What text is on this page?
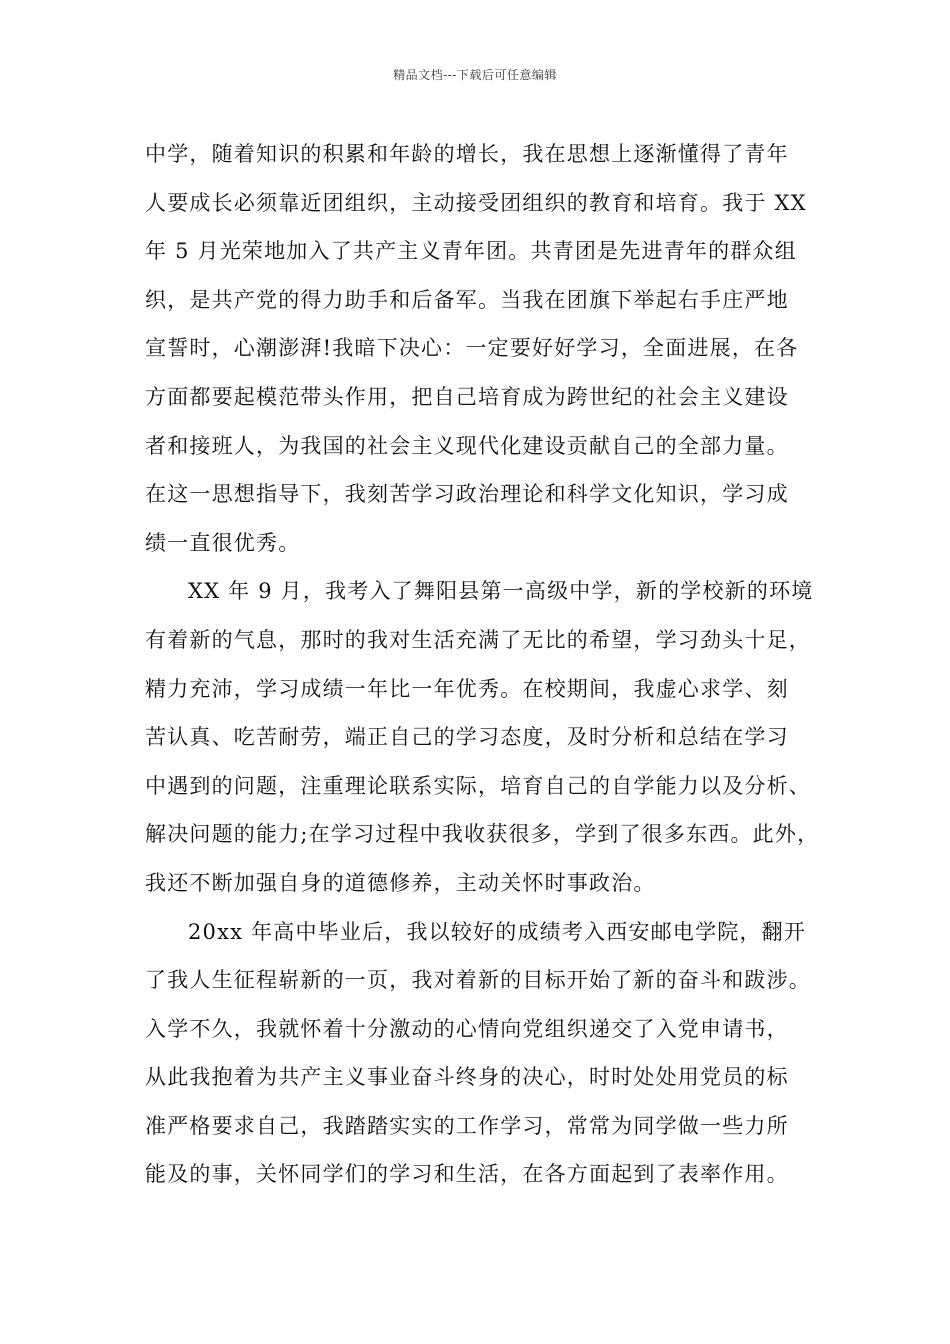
精品文档---下载后可任意编辑
中学，随着知识的积累和年龄的增长，我在思想上逐渐懂得了青年
人要成长必须靠近团组织，主动接受团组织的教育和培育。我于 XX
年 5 月光荣地加入了共产主义青年团。共青团是先进青年的群众组
织，是共产党的得力助手和后备军。当我在团旗下举起右手庄严地
宣誓时，心潮澎湃!我暗下决心：一定要好好学习，全面进展，在各
方面都要起模范带头作用，把自己培育成为跨世纪的社会主义建设
者和接班人，为我国的社会主义现代化建设贡献自己的全部力量。
在这一思想指导下，我刻苦学习政治理论和科学文化知识，学习成
绩一直很优秀。
XX 年 9 月，我考入了舞阳县第一高级中学，新的学校新的环境
有着新的气息，那时的我对生活充满了无比的希望，学习劲头十足，
精力充沛，学习成绩一年比一年优秀。在校期间，我虚心求学、刻
苦认真、吃苦耐劳，端正自己的学习态度，及时分析和总结在学习
中遇到的问题，注重理论联系实际，培育自己的自学能力以及分析、
解决问题的能力;在学习过程中我收获很多，学到了很多东西。此外，
我还不断加强自身的道德修养，主动关怀时事政治。
20xx 年高中毕业后，我以较好的成绩考入西安邮电学院，翻开
了我人生征程崭新的一页，我对着新的目标开始了新的奋斗和跋涉。
入学不久，我就怀着十分激动的心情向党组织递交了入党申请书，
从此我抱着为共产主义事业奋斗终身的决心，时时处处用党员的标
准严格要求自己，我踏踏实实的工作学习，常常为同学做一些力所
能及的事，关怀同学们的学习和生活，在各方面起到了表率作用。
